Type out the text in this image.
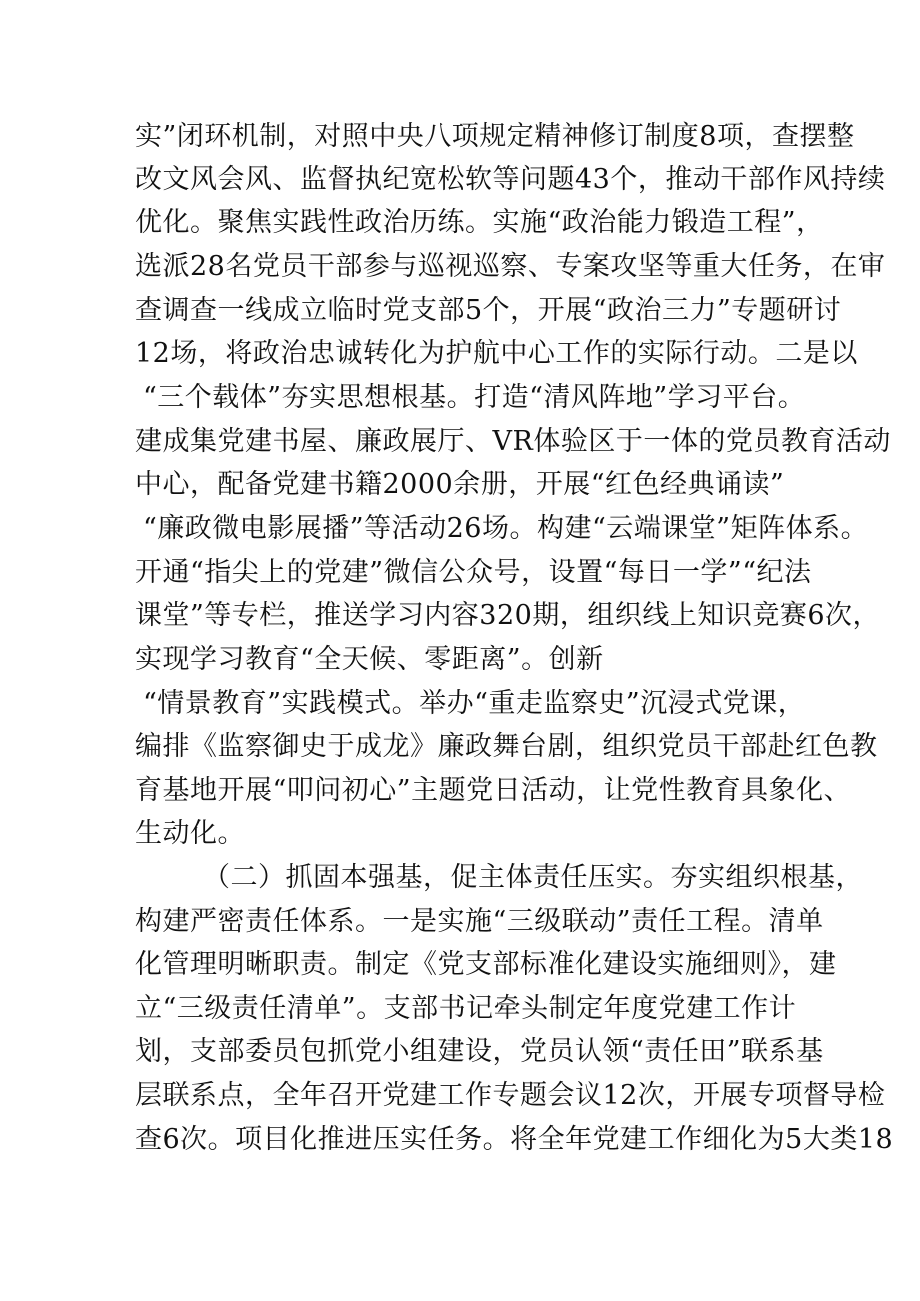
实”闭环机制，对照中央八项规定精神修订制度8项，查摆整
改文风会风、监督执纪宽松软等问题43个，推动干部作风持续
优化。聚焦实践性政治历练。实施“政治能力锻造工程”，
选派28名党员干部参与巡视巡察、专案攻坚等重大任务，在审
查调查一线成立临时党支部5个，开展“政治三力”专题研讨
12场，将政治忠诚转化为护航中心工作的实际行动。二是以
“三个载体”夯实思想根基。打造“清风阵地”学习平台。
建成集党建书屋、廉政展厅、VR体验区于一体的党员教育活动
中心，配备党建书籍2000余册，开展“红色经典诵读”
“廉政微电影展播”等活动26场。构建“云端课堂”矩阵体系。
开通“指尖上的党建”微信公众号，设置“每日一学”“纪法
课堂”等专栏，推送学习内容320期，组织线上知识竞赛6次，
实现学习教育“全天候、零距离”。创新
“情景教育”实践模式。举办“重走监察史”沉浸式党课，
编排《监察御史于成龙》廉政舞台剧，组织党员干部赴红色教
育基地开展“叩问初心”主题党日活动，让党性教育具象化、
生动化。
（二）抓固本强基，促主体责任压实。夯实组织根基，
构建严密责任体系。一是实施“三级联动”责任工程。清单
化管理明晰职责。制定《党支部标准化建设实施细则》，建
立“三级责任清单”。支部书记牵头制定年度党建工作计
划，支部委员包抓党小组建设，党员认领“责任田”联系基
层联系点，全年召开党建工作专题会议12次，开展专项督导检
查6次。项目化推进压实任务。将全年党建工作细化为5大类18
